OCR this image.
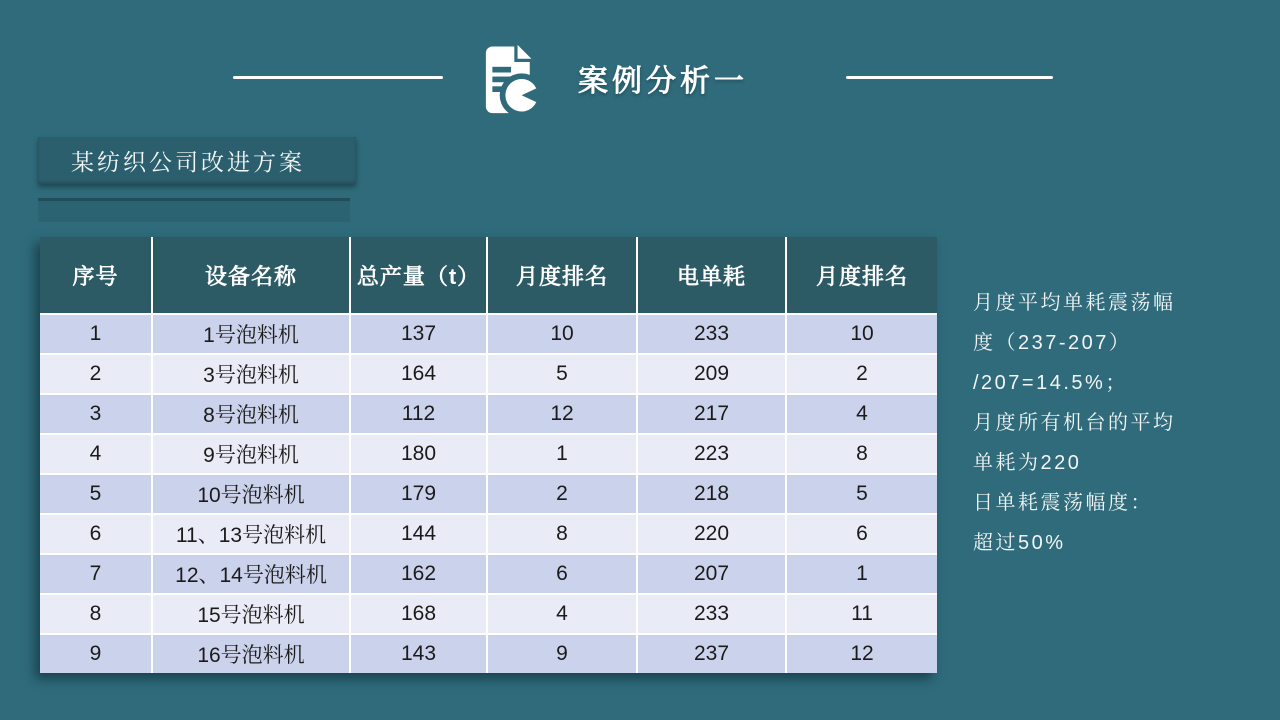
案例分析一
某纺织公司改进方案
序号	设备名称	总产量（t）	月度排名	电单耗	月度排名
1	1号泡料机	137	10	233	10
2	3号泡料机	164	5	209	2
3	8号泡料机	112	12	217	4
4	9号泡料机	180	1	223	8
5	10号泡料机	179	2	218	5
6	11、13号泡料机	144	8	220	6
7	12、14号泡料机	162	6	207	1
8	15号泡料机	168	4	233	11
9	16号泡料机	143	9	237	12
月度平均单耗震荡幅
度（237-207）
/207=14.5%；
月度所有机台的平均
单耗为220
日单耗震荡幅度：
超过50%
